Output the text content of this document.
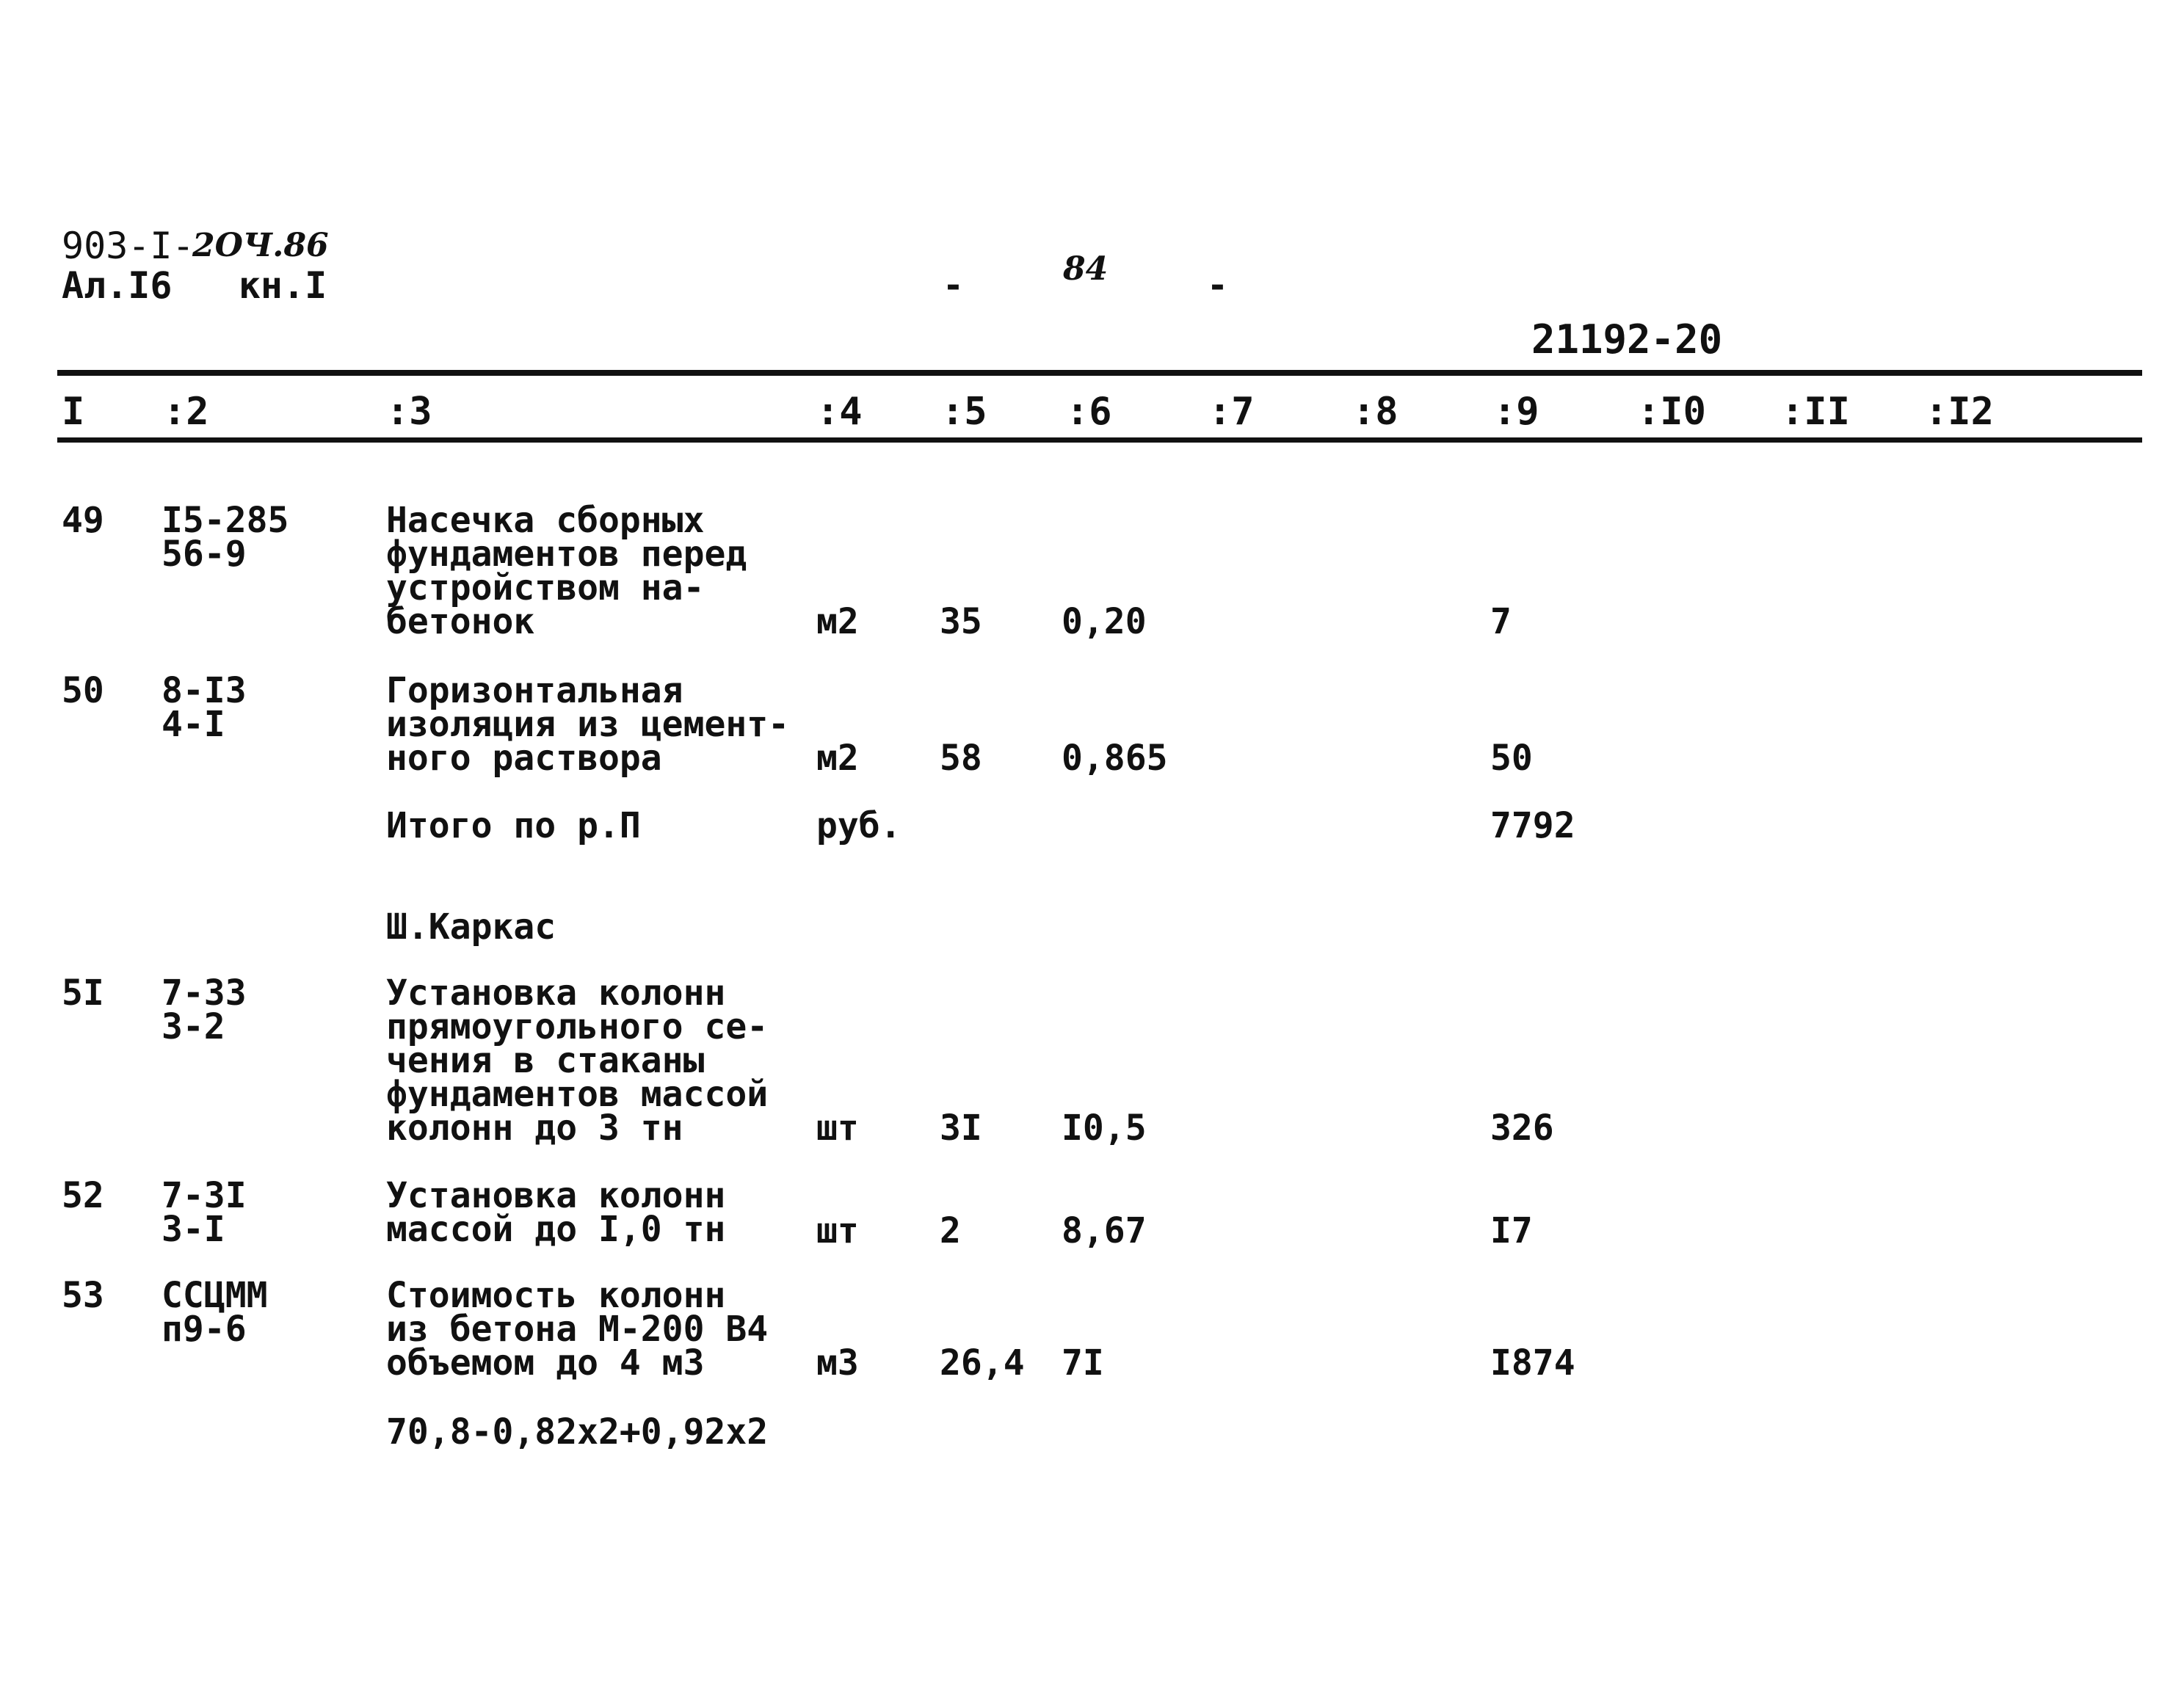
903-I-
2ОЧ.86
Ал.I6   кн.I	-	84	-
21192-20
I :2	:3	:4 :5 :6	:7	:8 :9	:I0 :II :I2
49 I5-285
56-9
Насечка сборных
фундаментов перед
устройством на-
бетонок	м2 35 0,20	7
50 8-I3
4-I
Горизонтальная
изоляция из цемент-
ного раствора	м2 58 0,865	50
Итого по р.П	руб.	7792
Ш.Каркас
5I 7-33
3-2
Установка колонн
прямоугольного се-
чения в стаканы
фундаментов массой
колонн до 3 тн	шт 3I I0,5	326
52 7-3I
3-I
Установка колонн
массой до I,0 тн	шт 2	8,67	I7
53 ССЦММ
п9-6
Стоимость колонн
из бетона М-200 В4
объемом до 4 м3	м3 26,4 7I	I874
70,8-0,82х2+0,92х2
